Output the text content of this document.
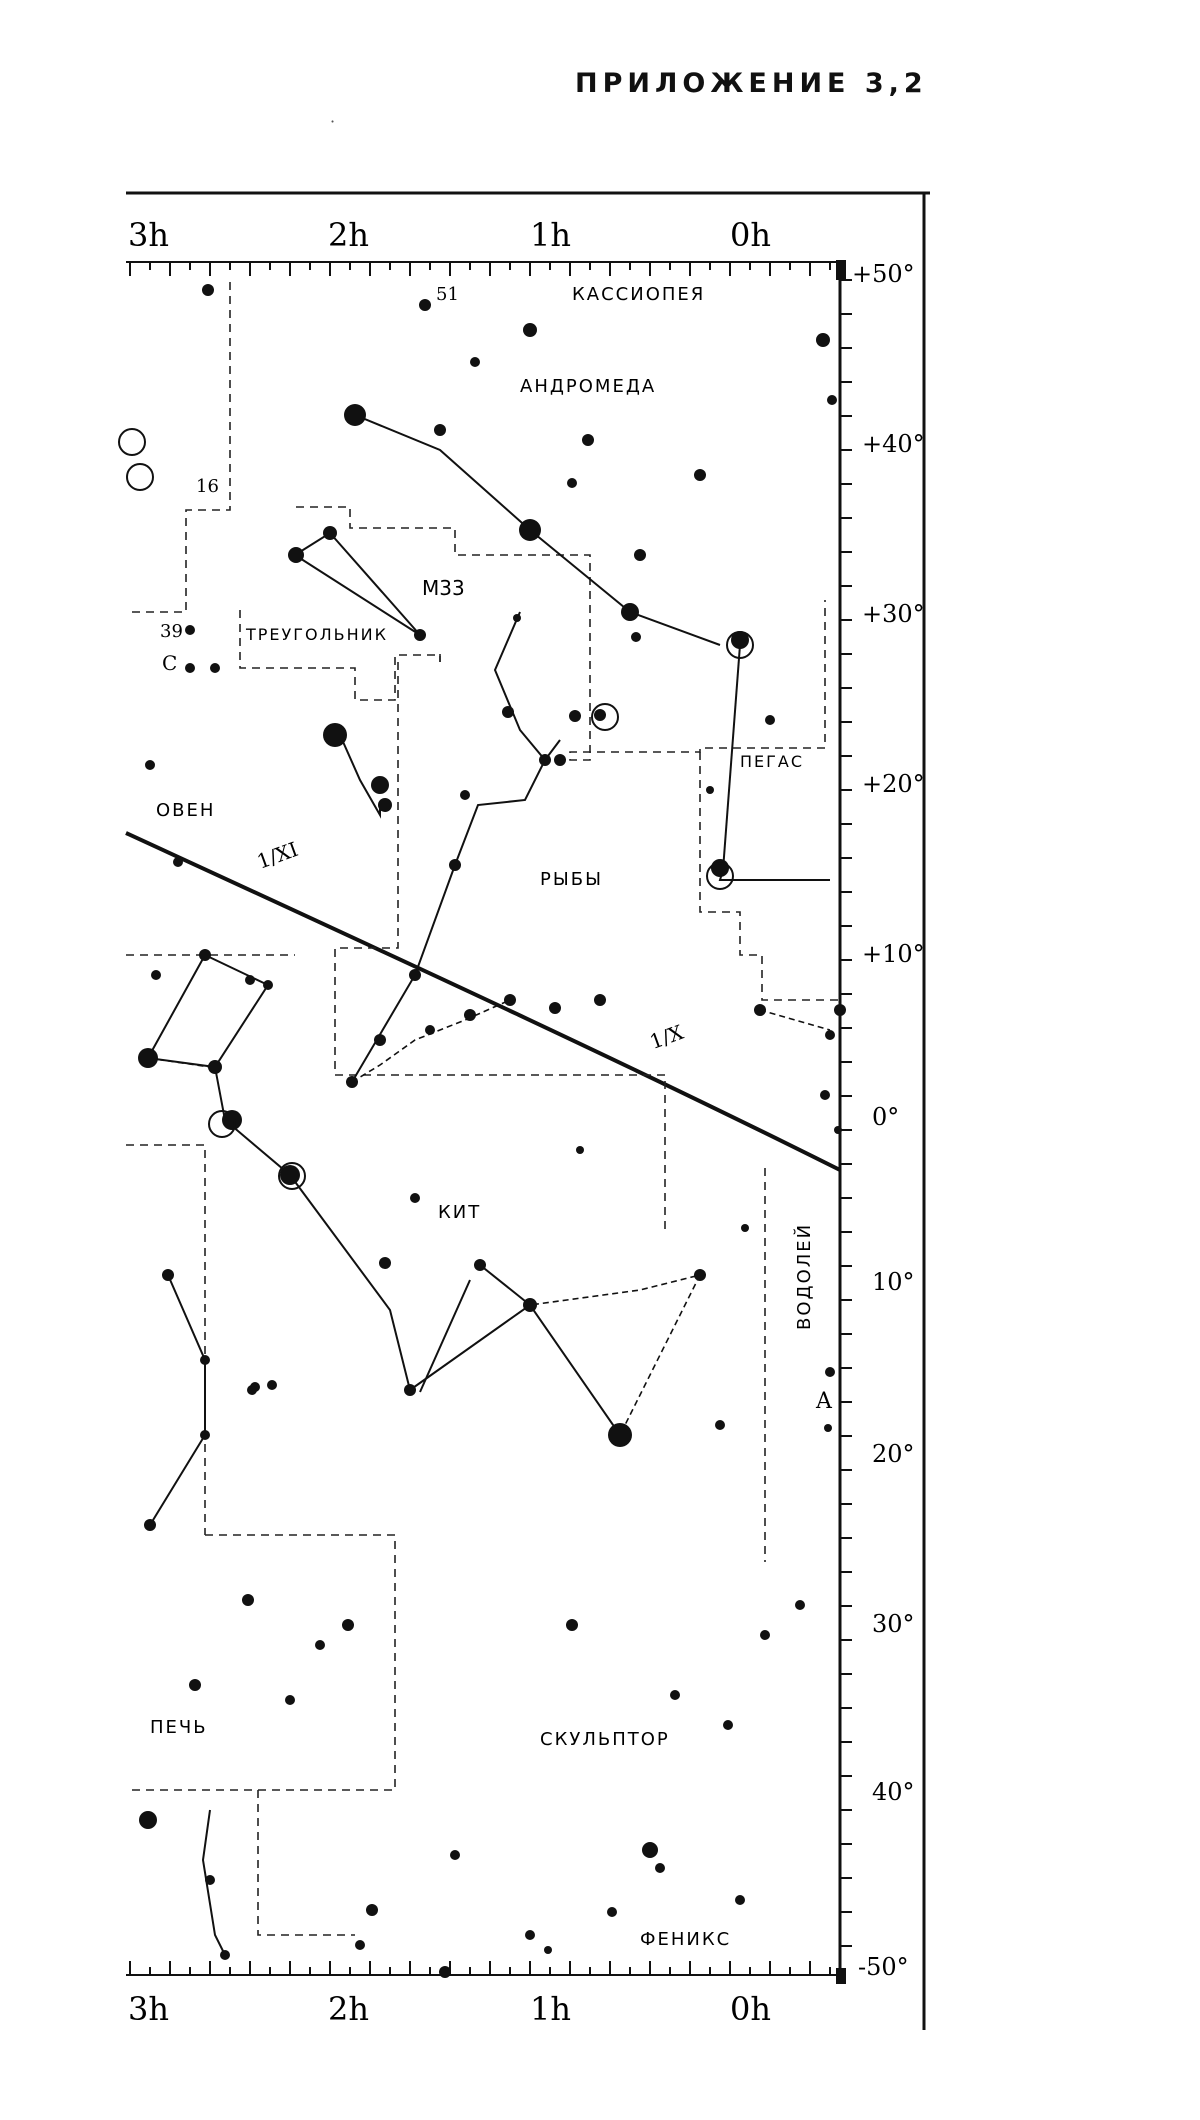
ПРИЛОЖЕНИЕ 3,2
·
3h	2h	1h	0h
3h	2h	1h	0h
+50°
+40°
+30°
+20°
+10°
0°
10°
20°
30°
40°
-50°
КАССИОПЕЯ
АНДРОМЕДА
ТРЕУГОЛЬНИК
ОВЕН
ПЕГАС
РЫБЫ
КИТ
ВОДОЛЕЙ
ПЕЧЬ
СКУЛЬПТОР
ФЕНИКС
M33
1/XI
1/X
51
16
39
C
A
